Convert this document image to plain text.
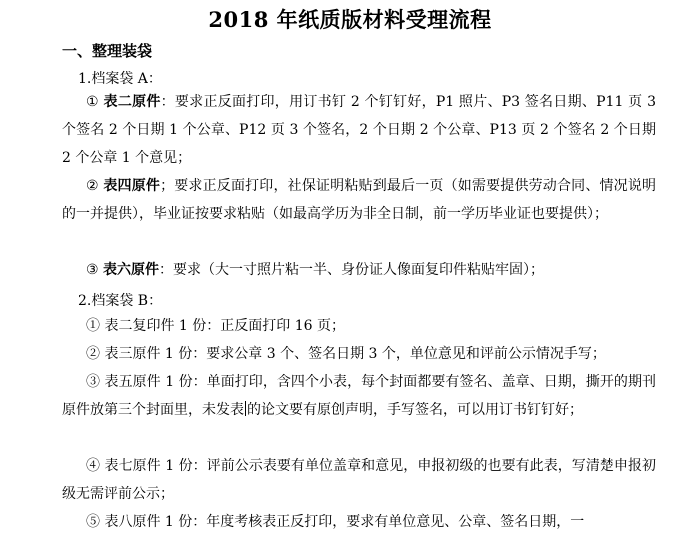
2018 年纸质版材料受理流程
一、整理装袋
1.档案袋 A：
① 表二原件：要求正反面打印，用订书钉 2 个钉钉好，P1 照片、P3 签名日期、P11 页 3 个签名 2 个日期 1 个公章、P12 页 3 个签名，2 个日期 2 个公章、P13 页 2 个签名 2 个日期 2 个公章 1 个意见；
② 表四原件；要求正反面打印，社保证明粘贴到最后一页（如需要提供劳动合同、情况说明的一并提供），毕业证按要求粘贴（如最高学历为非全日制，前一学历毕业证也要提供）；
③ 表六原件：要求（大一寸照片粘一半、身份证人像面复印件粘贴牢固）；
2.档案袋 B：
① 表二复印件 1 份：正反面打印 16 页；
② 表三原件 1 份：要求公章 3 个、签名日期 3 个，单位意见和评前公示情况手写；
③ 表五原件 1 份：单面打印，含四个小表，每个封面都要有签名、盖章、日期，撕开的期刊原件放第三个封面里，未发表 的论文要有原创声明，手写签名，可以用订书钉钉好；
④ 表七原件 1 份：评前公示表要有单位盖章和意见，申报初级的也要有此表，写清楚申报初级无需评前公示；
⑤ 表八原件 1 份：年度考核表正反打印，要求有单位意见、公章、签名日期，一
